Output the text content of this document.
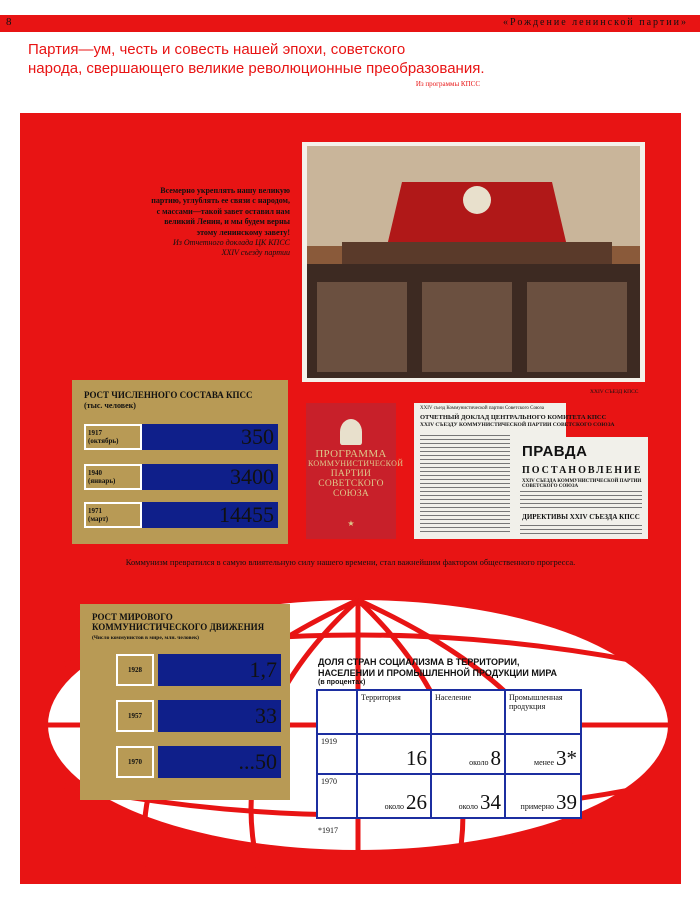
8	«Рождение ленинской партии»
Партия—ум, честь и совесть нашей эпохи, советского
народа, свершающего великие революционные преобразования.
Из программы КПСС
XXIV СЪЕЗД КПСС
Всемерно укреплять нашу великую
партию, углублять ее связи с народом,
с массами—такой завет оставил нам
великий Ленин, и мы будем верны
этому ленинскому завету!
Из Отчетного доклада ЦК КПСС
XXIV съезду партии
РОСТ ЧИСЛЕННОГО СОСТАВА КПСС
(тыс. человек)
1917
(октябрь)	350
1940
(январь)	3400
1971
(март)	14455
ПРОГРАММА
КОММУНИСТИЧЕСКОЙ
ПАРТИИ
СОВЕТСКОГО
СОЮЗА
★
XXIV съезд Коммунистической партии Советского Союза
ОТЧЕТНЫЙ ДОКЛАД ЦЕНТРАЛЬНОГО КОМИТЕТА КПСС
XXIV СЪЕЗДУ КОММУНИСТИЧЕСКОЙ ПАРТИИ СОВЕТСКОГО СОЮЗА
ПРАВДА
ПОСТАНОВЛЕНИЕ
XXIV СЪЕЗДА КОММУНИСТИЧЕСКОЙ ПАРТИИ СОВЕТСКОГО СОЮЗА
ДИРЕКТИВЫ XXIV СЪЕЗДА КПСС
Коммунизм превратился в самую влиятельную силу нашего времени, стал важнейшим фактором общественного прогресса.
РОСТ МИРОВОГО
КОММУНИСТИЧЕСКОГО ДВИЖЕНИЯ
(Число коммунистов в мире, млн. человек)
1928	1,7
1957	33
1970	...50
ДОЛЯ СТРАН СОЦИАЛИЗМА В ТЕРРИТОРИИ,
НАСЕЛЕНИИ И ПРОМЫШЛЕННОЙ ПРОДУКЦИИ МИРА
(в процентах)
	Территория	Население	Промышленная
продукция
1919	16	около 8	менее 3*
1970	около 26	около 34	примерно 39
*1917
